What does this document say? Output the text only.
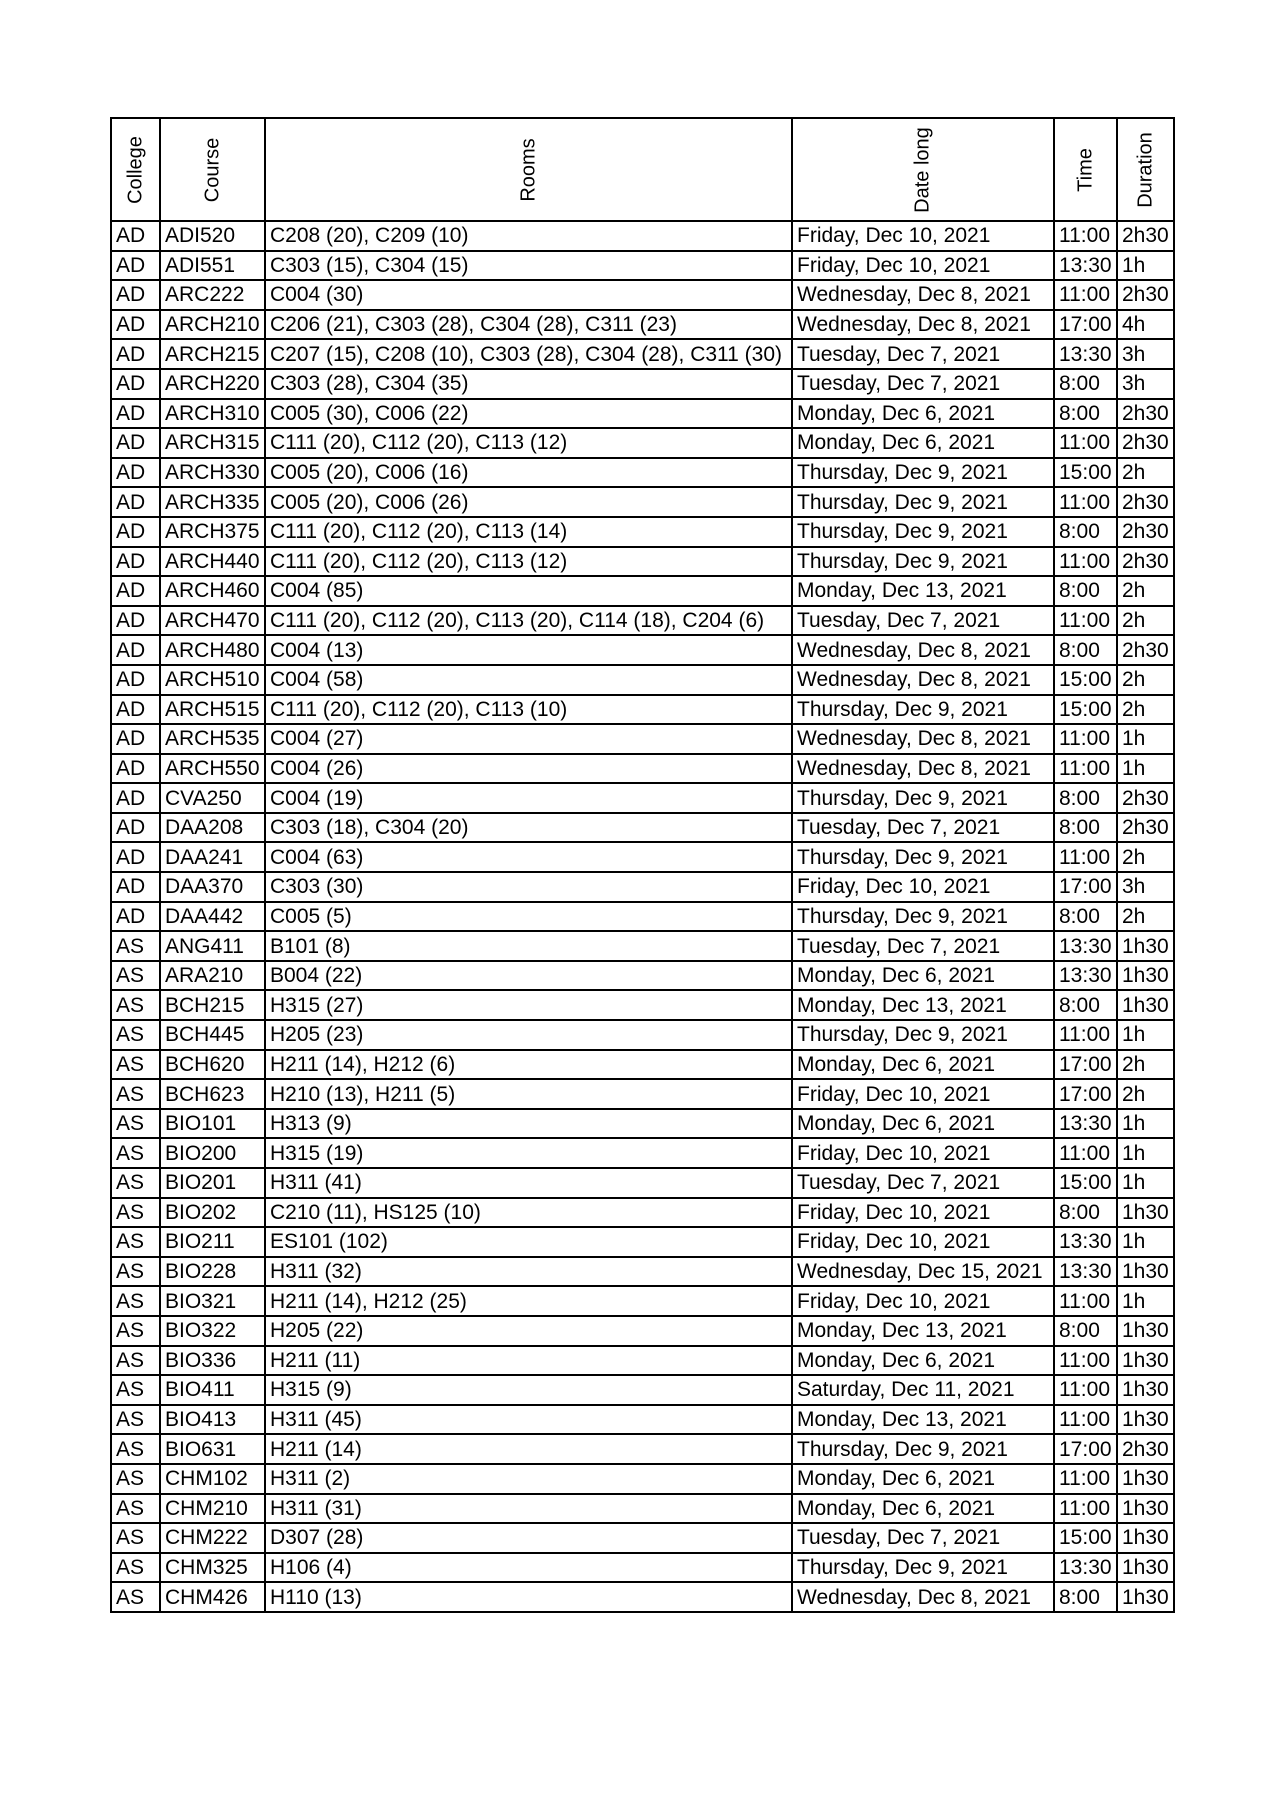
College	Course	Rooms	Date long	Time	Duration

AD	ADI520	C208 (20), C209 (10)	Friday, Dec 10, 2021	11:00	2h30
AD	ADI551	C303 (15), C304 (15)	Friday, Dec 10, 2021	13:30	1h
AD	ARC222	C004 (30)	Wednesday, Dec 8, 2021	11:00	2h30
AD	ARCH210	C206 (21), C303 (28), C304 (28), C311 (23)	Wednesday, Dec 8, 2021	17:00	4h
AD	ARCH215	C207 (15), C208 (10), C303 (28), C304 (28), C311 (30)	Tuesday, Dec 7, 2021	13:30	3h
AD	ARCH220	C303 (28), C304 (35)	Tuesday, Dec 7, 2021	8:00	3h
AD	ARCH310	C005 (30), C006 (22)	Monday, Dec 6, 2021	8:00	2h30
AD	ARCH315	C111 (20), C112 (20), C113 (12)	Monday, Dec 6, 2021	11:00	2h30
AD	ARCH330	C005 (20), C006 (16)	Thursday, Dec 9, 2021	15:00	2h
AD	ARCH335	C005 (20), C006 (26)	Thursday, Dec 9, 2021	11:00	2h30
AD	ARCH375	C111 (20), C112 (20), C113 (14)	Thursday, Dec 9, 2021	8:00	2h30
AD	ARCH440	C111 (20), C112 (20), C113 (12)	Thursday, Dec 9, 2021	11:00	2h30
AD	ARCH460	C004 (85)	Monday, Dec 13, 2021	8:00	2h
AD	ARCH470	C111 (20), C112 (20), C113 (20), C114 (18), C204 (6)	Tuesday, Dec 7, 2021	11:00	2h
AD	ARCH480	C004 (13)	Wednesday, Dec 8, 2021	8:00	2h30
AD	ARCH510	C004 (58)	Wednesday, Dec 8, 2021	15:00	2h
AD	ARCH515	C111 (20), C112 (20), C113 (10)	Thursday, Dec 9, 2021	15:00	2h
AD	ARCH535	C004 (27)	Wednesday, Dec 8, 2021	11:00	1h
AD	ARCH550	C004 (26)	Wednesday, Dec 8, 2021	11:00	1h
AD	CVA250	C004 (19)	Thursday, Dec 9, 2021	8:00	2h30
AD	DAA208	C303 (18), C304 (20)	Tuesday, Dec 7, 2021	8:00	2h30
AD	DAA241	C004 (63)	Thursday, Dec 9, 2021	11:00	2h
AD	DAA370	C303 (30)	Friday, Dec 10, 2021	17:00	3h
AD	DAA442	C005 (5)	Thursday, Dec 9, 2021	8:00	2h
AS	ANG411	B101 (8)	Tuesday, Dec 7, 2021	13:30	1h30
AS	ARA210	B004 (22)	Monday, Dec 6, 2021	13:30	1h30
AS	BCH215	H315 (27)	Monday, Dec 13, 2021	8:00	1h30
AS	BCH445	H205 (23)	Thursday, Dec 9, 2021	11:00	1h
AS	BCH620	H211 (14), H212 (6)	Monday, Dec 6, 2021	17:00	2h
AS	BCH623	H210 (13), H211 (5)	Friday, Dec 10, 2021	17:00	2h
AS	BIO101	H313 (9)	Monday, Dec 6, 2021	13:30	1h
AS	BIO200	H315 (19)	Friday, Dec 10, 2021	11:00	1h
AS	BIO201	H311 (41)	Tuesday, Dec 7, 2021	15:00	1h
AS	BIO202	C210 (11), HS125 (10)	Friday, Dec 10, 2021	8:00	1h30
AS	BIO211	ES101 (102)	Friday, Dec 10, 2021	13:30	1h
AS	BIO228	H311 (32)	Wednesday, Dec 15, 2021	13:30	1h30
AS	BIO321	H211 (14), H212 (25)	Friday, Dec 10, 2021	11:00	1h
AS	BIO322	H205 (22)	Monday, Dec 13, 2021	8:00	1h30
AS	BIO336	H211 (11)	Monday, Dec 6, 2021	11:00	1h30
AS	BIO411	H315 (9)	Saturday, Dec 11, 2021	11:00	1h30
AS	BIO413	H311 (45)	Monday, Dec 13, 2021	11:00	1h30
AS	BIO631	H211 (14)	Thursday, Dec 9, 2021	17:00	2h30
AS	CHM102	H311 (2)	Monday, Dec 6, 2021	11:00	1h30
AS	CHM210	H311 (31)	Monday, Dec 6, 2021	11:00	1h30
AS	CHM222	D307 (28)	Tuesday, Dec 7, 2021	15:00	1h30
AS	CHM325	H106 (4)	Thursday, Dec 9, 2021	13:30	1h30
AS	CHM426	H110 (13)	Wednesday, Dec 8, 2021	8:00	1h30
